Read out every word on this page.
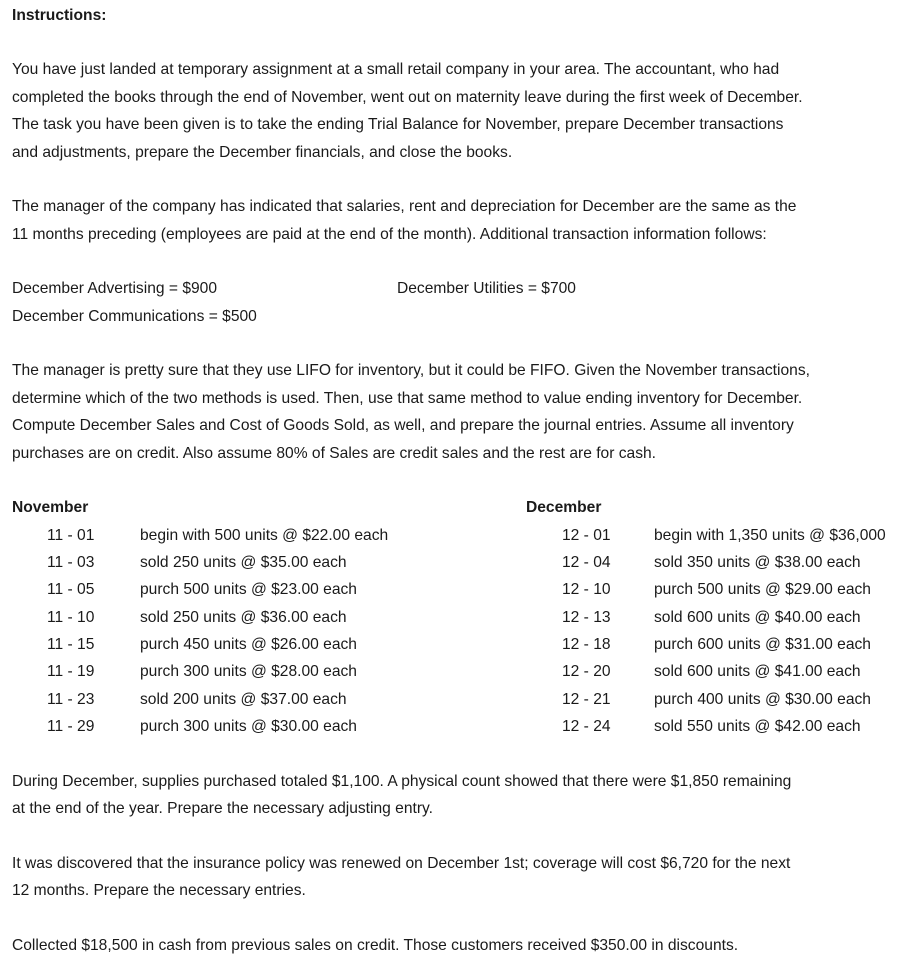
Instructions:
You have just landed at temporary assignment at a small retail company in your area. The accountant, who had
completed the books through the end of November, went out on maternity leave during the first week of December.
The task you have been given is to take the ending Trial Balance for November, prepare December transactions
and adjustments, prepare the December financials, and close the books.
The manager of the company has indicated that salaries, rent and depreciation for December are the same as the
11 months preceding (employees are paid at the end of the month). Additional transaction information follows:
December Advertising = $900	December Utilities = $700
December Communications = $500
The manager is pretty sure that they use LIFO for inventory, but it could be FIFO. Given the November transactions,
determine which of the two methods is used. Then, use that same method to value ending inventory for December.
Compute December Sales and Cost of Goods Sold, as well, and prepare the journal entries. Assume all inventory
purchases are on credit. Also assume 80% of Sales are credit sales and the rest are for cash.
November
11 - 01	begin with 500 units @ $22.00 each
11 - 03	sold 250 units @ $35.00 each
11 - 05	purch 500 units @ $23.00 each
11 - 10	sold 250 units @ $36.00 each
11 - 15	purch 450 units @ $26.00 each
11 - 19	purch 300 units @ $28.00 each
11 - 23	sold 200 units @ $37.00 each
11 - 29	purch 300 units @ $30.00 each
December
12 - 01	begin with 1,350 units @ $36,000
12 - 04	sold 350 units @ $38.00 each
12 - 10	purch 500 units @ $29.00 each
12 - 13	sold 600 units @ $40.00 each
12 - 18	purch 600 units @ $31.00 each
12 - 20	sold 600 units @ $41.00 each
12 - 21	purch 400 units @ $30.00 each
12 - 24	sold 550 units @ $42.00 each
During December, supplies purchased totaled $1,100. A physical count showed that there were $1,850 remaining
at the end of the year. Prepare the necessary adjusting entry.
It was discovered that the insurance policy was renewed on December 1st; coverage will cost $6,720 for the next
12 months. Prepare the necessary entries.
Collected $18,500 in cash from previous sales on credit. Those customers received $350.00 in discounts.
